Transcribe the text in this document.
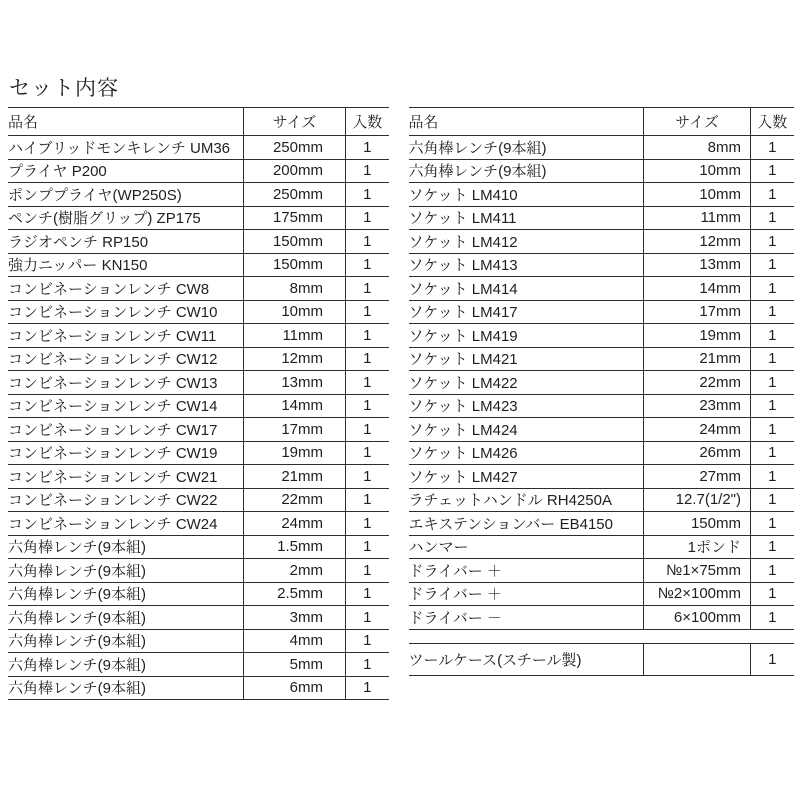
セット内容
品名	サイズ	入数
ハイブリッドモンキレンチ UM36	250mm	1
プライヤ P200	200mm	1
ポンププライヤ(WP250S)	250mm	1
ペンチ(樹脂グリップ) ZP175	175mm	1
ラジオペンチ RP150	150mm	1
強力ニッパー KN150	150mm	1
コンビネーションレンチ CW8	8mm	1
コンビネーションレンチ CW10	10mm	1
コンビネーションレンチ CW11	11mm	1
コンビネーションレンチ CW12	12mm	1
コンビネーションレンチ CW13	13mm	1
コンビネーションレンチ CW14	14mm	1
コンビネーションレンチ CW17	17mm	1
コンビネーションレンチ CW19	19mm	1
コンビネーションレンチ CW21	21mm	1
コンビネーションレンチ CW22	22mm	1
コンビネーションレンチ CW24	24mm	1
六角棒レンチ(9本組)	1.5mm	1
六角棒レンチ(9本組)	2mm	1
六角棒レンチ(9本組)	2.5mm	1
六角棒レンチ(9本組)	3mm	1
六角棒レンチ(9本組)	4mm	1
六角棒レンチ(9本組)	5mm	1
六角棒レンチ(9本組)	6mm	1
品名	サイズ	入数
六角棒レンチ(9本組)	8mm	1
六角棒レンチ(9本組)	10mm	1
ソケット LM410	10mm	1
ソケット LM411	11mm	1
ソケット LM412	12mm	1
ソケット LM413	13mm	1
ソケット LM414	14mm	1
ソケット LM417	17mm	1
ソケット LM419	19mm	1
ソケット LM421	21mm	1
ソケット LM422	22mm	1
ソケット LM423	23mm	1
ソケット LM424	24mm	1
ソケット LM426	26mm	1
ソケット LM427	27mm	1
ラチェットハンドル RH4250A	12.7(1/2")	1
エキステンションバー EB4150	150mm	1
ハンマー	1ポンド	1
ドライバー ＋	№1×75mm	1
ドライバー ＋	№2×100mm	1
ドライバー －	6×100mm	1
ツールケース(スチール製)		1
